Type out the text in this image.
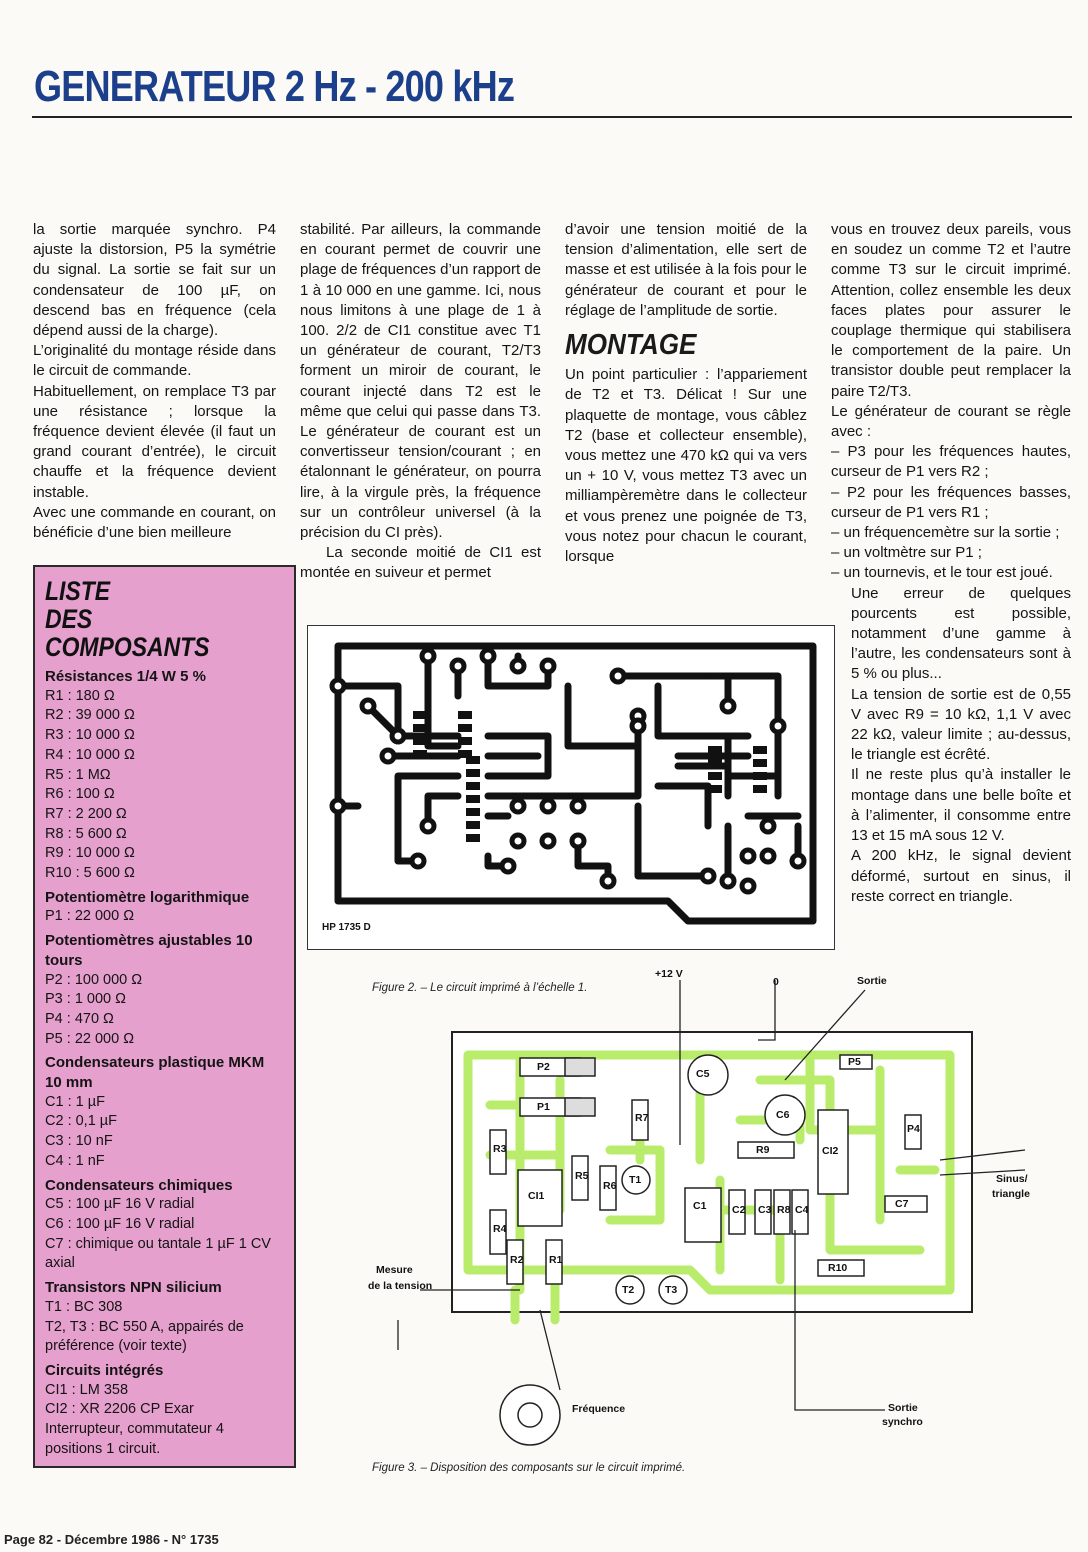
GENERATEUR 2 Hz - 200 kHz

la sortie marquée synchro. P4 ajuste la distorsion, P5 la symétrie du signal. La sortie se fait sur un condensateur de 100 µF, on descend bas en fréquence (cela dépend aussi de la charge).

L’originalité du montage réside dans le circuit de commande.

Habituellement, on remplace T3 par une résistance ; lorsque la fréquence devient élevée (il faut un grand courant d’entrée), le circuit chauffe et la fréquence devient instable.

Avec une commande en courant, on bénéficie d’une bien meilleure

stabilité. Par ailleurs, la commande en courant permet de couvrir une plage de fréquences d’un rapport de 1 à 10 000 en une gamme. Ici, nous nous limitons à une plage de 1 à 100. 2/2 de CI1 constitue avec T1 un générateur de courant, T2/T3 forment un miroir de courant, le courant injecté dans T2 est le même que celui qui passe dans T3. Le générateur de courant est un convertisseur tension/courant ; en étalonnant le générateur, on pourra lire, à la virgule près, la fréquence sur un contrôleur universel (à la précision du CI près).

La seconde moitié de CI1 est montée en suiveur et permet

d’avoir une tension moitié de la tension d’alimentation, elle sert de masse et est utilisée à la fois pour le générateur de courant et pour le réglage de l’amplitude de sortie.

MONTAGE

Un point particulier : l’appariement de T2 et T3. Délicat ! Sur une plaquette de montage, vous câblez T2 (base et collecteur ensemble), vous mettez une 470 kΩ qui va vers un + 10 V, vous mettez T3 avec un milliampèremètre dans le collecteur et vous prenez une poignée de T3, vous notez pour chacun le courant, lorsque

vous en trouvez deux pareils, vous en soudez un comme T2 et l’autre comme T3 sur le circuit imprimé. Attention, collez ensemble les deux faces plates pour assurer le couplage thermique qui stabilisera le comportement de la paire. Un transistor double peut remplacer la paire T2/T3.

Le générateur de courant se règle avec :

– P3 pour les fréquences hautes, curseur de P1 vers R2 ;

– P2 pour les fréquences basses, curseur de P1 vers R1 ;

– un fréquencemètre sur la sortie ;

– un voltmètre sur P1 ;

– un tournevis, et le tour est joué.

Une erreur de quelques pourcents est possible, notamment d’une gamme à l’autre, les condensateurs sont à 5 % ou plus...

La tension de sortie est de 0,55 V avec R9 = 10 kΩ, 1,1 V avec 22 kΩ, valeur limite ; au-dessus, le triangle est écrêté.

Il ne reste plus qu’à installer le montage dans une belle boîte et à l’alimenter, il consomme entre 13 et 15 mA sous 12 V.

A 200 kHz, le signal devient déformé, surtout en sinus, il reste correct en triangle.

LISTE
DES COMPOSANTS
Résistances 1/4 W 5 %
R1 : 180 Ω
R2 : 39 000 Ω
R3 : 10 000 Ω
R4 : 10 000 Ω
R5 : 1 MΩ
R6 : 100 Ω
R7 : 2 200 Ω
R8 : 5 600 Ω
R9 : 10 000 Ω
R10 : 5 600 Ω
Potentiomètre logarithmique
P1 : 22 000 Ω
Potentiomètres ajustables 10 tours
P2 : 100 000 Ω
P3 : 1 000 Ω
P4 : 470 Ω
P5 : 22 000 Ω
Condensateurs plastique MKM 10 mm
C1 : 1 µF
C2 : 0,1 µF
C3 : 10 nF
C4 : 1 nF
Condensateurs chimiques
C5 : 100 µF 16 V radial
C6 : 100 µF 16 V radial
C7 : chimique ou tantale 1 µF 1 CV axial
Transistors NPN silicium
T1 : BC 308
T2, T3 : BC 550 A, appairés de préférence (voir texte)
Circuits intégrés
CI1 : LM 358
CI2 : XR 2206 CP Exar
Interrupteur, commutateur 4 positions 1 circuit.
HP 1735 D
Figure 2. – Le circuit imprimé à l’échelle 1.
+12 V
0	Sortie
Sinus/
triangle
Mesure
de la tension
Fréquence	Sortie
synchro
P2
P1
R3
R4
R2 R1
CI1
R5
R6
R7
T1
T2	T3
C1 C2 C3 R8 C4
C5
C6
R9	CI2
P5
P4
C7
R10
Figure 3. – Disposition des composants sur le circuit imprimé.
Page 82 - Décembre 1986 - N° 1735
